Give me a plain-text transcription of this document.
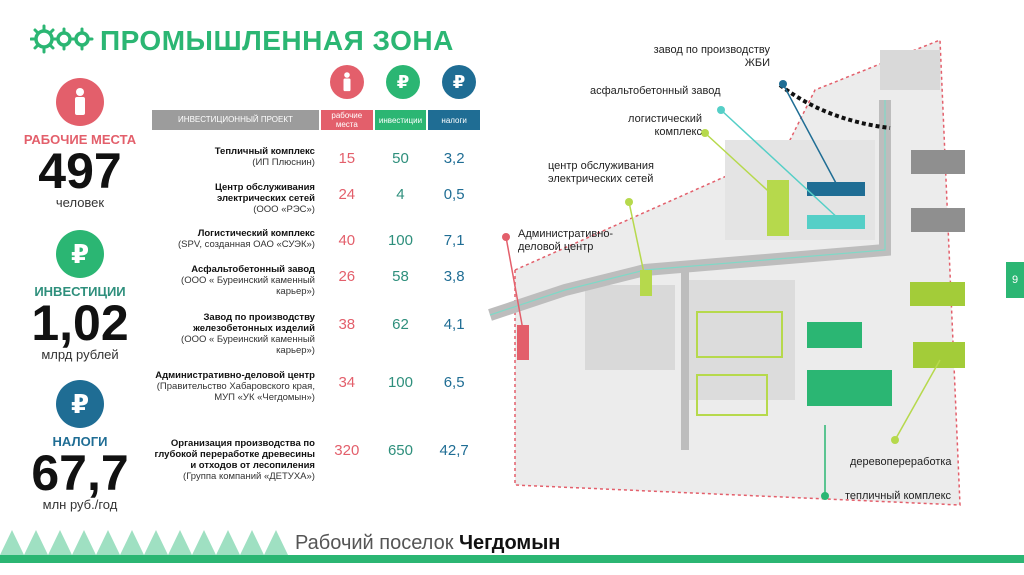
ПРОМЫШЛЕННАЯ ЗОНА
РАБОЧИЕ МЕСТА
497
человек
₽
ИНВЕСТИЦИИ
1,02
млрд рублей
₽
НАЛОГИ
67,7
млн руб./год
₽	₽
ИНВЕСТИЦИОННЫЙ ПРОЕКТ	рабочие места	инвестиции	налоги
Тепличный комплекс
(ИП Плюснин)	15	50	3,2
Центр обслуживания электрических сетей
(ООО «РЭС»)
24	4	0,5
Логистический комплекс
(SPV, созданная ОАО «СУЭК»)	40	100	7,1
Асфальтобетонный завод
(ООО « Буреинский каменный карьер»)
26	58	3,8
Завод по производству железобетонных изделий
(ООО « Буреинский каменный карьер»)
38	62	4,1
Административно-деловой центр
(Правительство Хабаровского края, МУП «УК «Чегдомын»)
34	100	6,5
Организация производства по глубокой переработке древесины и отходов от лесопиления
(Группа компаний «ДЕТУХА»)
320	650	42,7
завод по производству ЖБИ
асфальтобетонный завод
логистический комплекс
центр обслуживания электрических сетей
Административно-деловой центр
деревопереработка
тепличный комплекс
9
Рабочий поселок Чегдомын
